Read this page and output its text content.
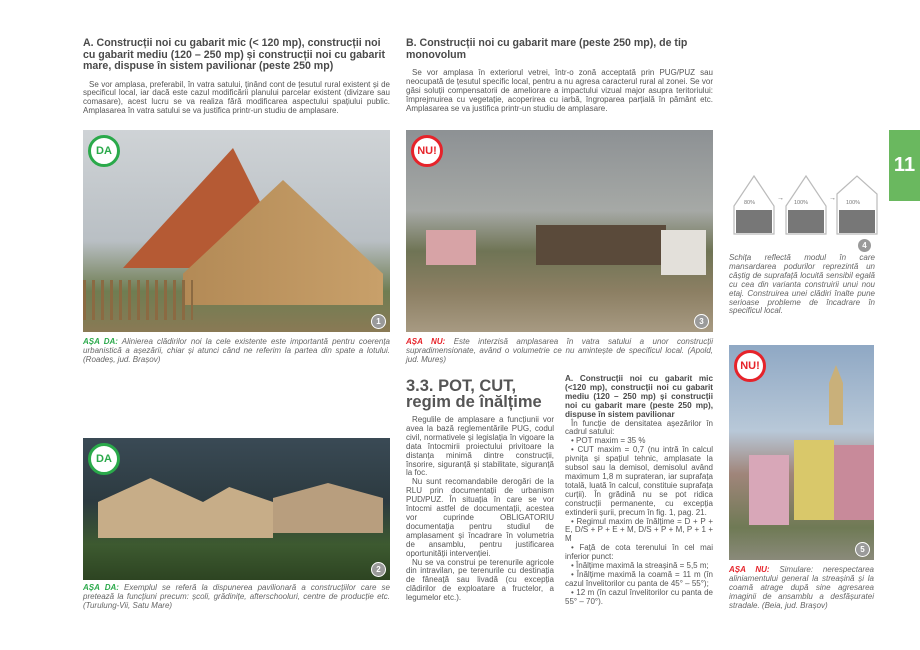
11
A. Construcții noi cu gabarit mic (< 120 mp), construcții noi cu gabarit mediu (120 – 250 mp) și construcții noi cu gabarit mare, dispuse în sistem pavilionar (peste 250 mp)

Se vor amplasa, preferabil, în vatra satului, ținând cont de țesutul rural existent și de specificul local, iar dacă este cazul modificării planului parcelar existent (divizare sau comasare), acest lucru se va realiza fără modificarea aspectului spațiului public. Amplasarea în vatra satului se va justifica printr-un studiu de amplasare.

B. Construcții noi cu gabarit mare (peste 250 mp), de tip monovolum

Se vor amplasa în exteriorul vetrei, într-o zonă acceptată prin PUG/PUZ sau neocupată de țesutul specific local, pentru a nu agresa caracterul rural al zonei. Se vor găsi soluții compensatorii de ameliorare a impactului vizual major asupra teritoriului: împrejmuirea cu vegetație, acoperirea cu iarbă, îngroparea parțială în pământ etc. Amplasarea se va justifica printr-un studiu de amplasare.

DA
1
AȘA DA: Alinierea clădirilor noi la cele existente este importantă pentru coerența urbanistică a așezării, chiar și atunci când ne referim la partea din spate a lotului. (Roadeș, jud. Brașov)
NU!
3
AȘA NU: Este interzisă amplasarea în vatra satului a unor construcții supradimensionate, având o volumetrie ce nu amintește de specificul local. (Apold, jud. Mureș)
→	→
80%	100%	100%
4
Schița reflectă modul în care mansardarea podurilor reprezintă un câștig de suprafață locuită sensibil egală cu cea din varianta construirii unui nou etaj. Construirea unei clădiri înalte pune serioase probleme de încadrare în specificul local.
NU!
5
AȘA NU: Simulare: nerespectarea aliniamentului general la streașină și la coamă atrage după sine agresarea imaginii de ansamblu a desfășuratei stradale. (Beia, jud. Brașov)
DA
2
AȘA DA: Exemplul se referă la dispunerea pavilionară a construcțiilor care se pretează la funcțiuni precum: școli, grădinițe, afterschooluri, centre de producție etc. (Turulung-Vii, Satu Mare)
3.3. POT, CUT, regim de înălțime

Regulile de amplasare a funcțiunii vor avea la bază reglementările PUG, codul civil, normativele și legislația în vigoare la data întocmirii proiectului privitoare la distanța minimă dintre construcții, însorire, siguranță și stabilitate, siguranță la foc.

Nu sunt recomandabile derogări de la RLU prin documentații de urbanism PUD/PUZ. În situația în care se vor întocmi astfel de documentații, acestea vor cuprinde OBLIGATORIU documentația pentru studiul de amplasament și încadrare în volumetria de ansamblu, pentru justificarea oportunității intervenției.

Nu se va construi pe terenurile agricole din intravilan, pe terenurile cu destinația de fâneață sau livadă (cu excepția clădirilor de exploatare a fructelor, a legumelor etc.).

A. Construcții noi cu gabarit mic (<120 mp), construcții noi cu gabarit mediu (120 – 250 mp) și construcții noi cu gabarit mare (peste 250 mp), dispuse în sistem pavilionar

În funcție de densitatea așezărilor în cadrul satului:

• POT maxim = 35 %

• CUT maxim = 0,7 (nu intră în calcul pivnița și spațiul tehnic, amplasate la subsol sau la demisol, demisolul având maximum 1,8 m suprateran, iar suprafața totală, luată în calcul, constituie suprafața curții). În grădină nu se pot ridica construcții permanente, cu excepția extinderii șurii, precum în fig. 1, pag. 21.

• Regimul maxim de înălțime = D + P + E, D/S + P + E + M, D/S + P + M, P + 1 + M

• Față de cota terenului în cel mai inferior punct:

• Înălțime maximă la streașină = 5,5 m;

• Înălțime maximă la coamă = 11 m (în cazul învelitorilor cu panta de 45° – 55°);

• 12 m (în cazul învelitorilor cu panta de 55° – 70°).
